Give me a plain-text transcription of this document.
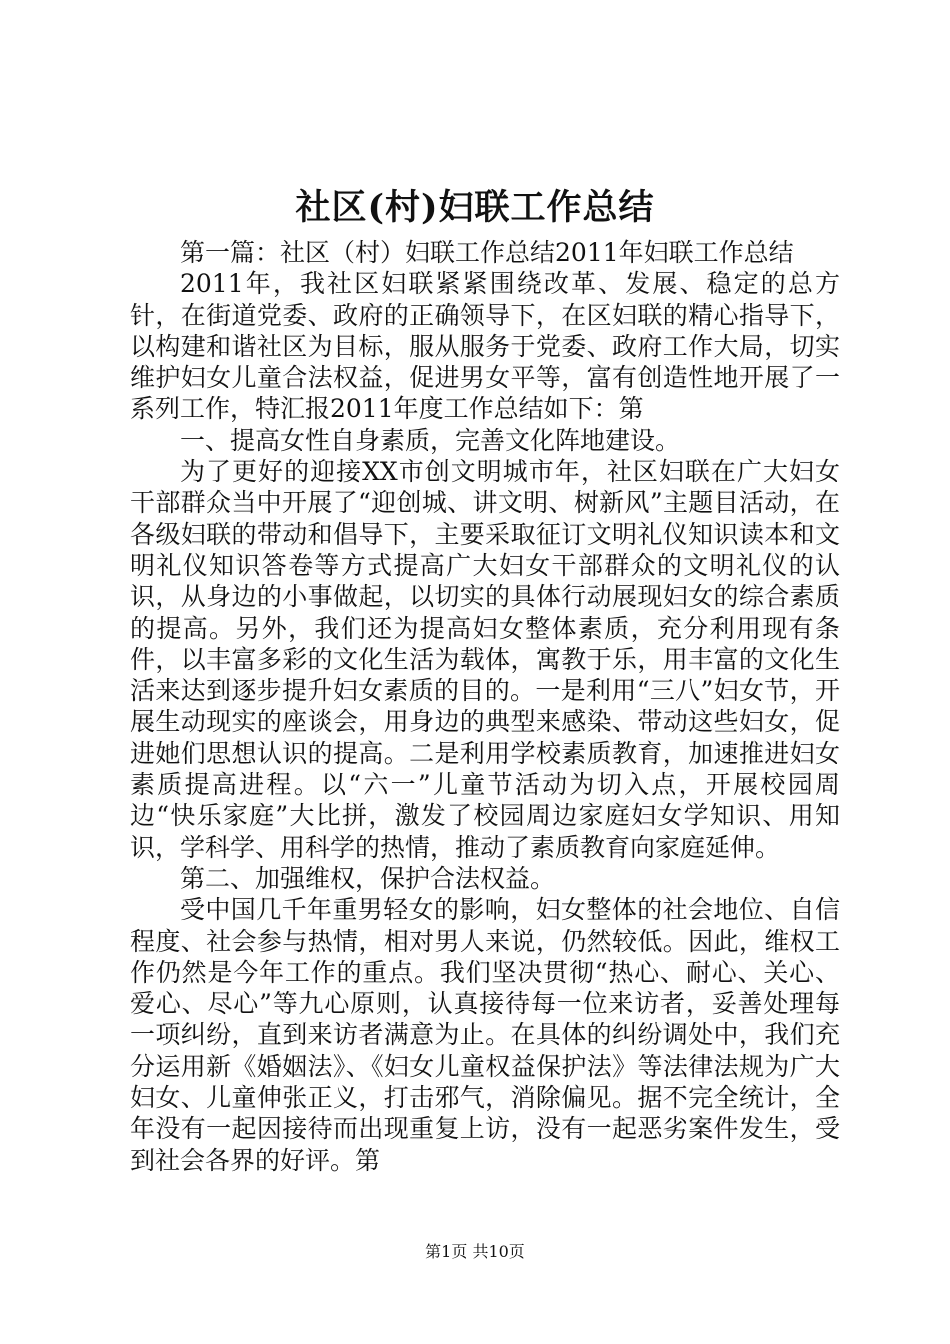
社区(村)妇联工作总结

第一篇：社区（村）妇联工作总结2011年妇联工作总结

2011年，我社区妇联紧紧围绕改革、发展、稳定的总方针，在街道党委、政府的正确领导下，在区妇联的精心指导下，以构建和谐社区为目标，服从服务于党委、政府工作大局，切实维护妇女儿童合法权益，促进男女平等，富有创造性地开展了一系列工作，特汇报2011年度工作总结如下：第

一、提高女性自身素质，完善文化阵地建设。

为了更好的迎接XX市创文明城市年，社区妇联在广大妇女干部群众当中开展了“迎创城、讲文明、树新风”主题目活动，在各级妇联的带动和倡导下，主要采取征订文明礼仪知识读本和文明礼仪知识答卷等方式提高广大妇女干部群众的文明礼仪的认识，从身边的小事做起，以切实的具体行动展现妇女的综合素质的提高。另外，我们还为提高妇女整体素质，充分利用现有条件，以丰富多彩的文化生活为载体，寓教于乐，用丰富的文化生活来达到逐步提升妇女素质的目的。一是利用“三八”妇女节，开展生动现实的座谈会，用身边的典型来感染、带动这些妇女，促进她们思想认识的提高。二是利用学校素质教育，加速推进妇女素质提高进程。以“六一”儿童节活动为切入点，开展校园周边“快乐家庭”大比拼，激发了校园周边家庭妇女学知识、用知识，学科学、用科学的热情，推动了素质教育向家庭延伸。

第二、加强维权，保护合法权益。

受中国几千年重男轻女的影响，妇女整体的社会地位、自信程度、社会参与热情，相对男人来说，仍然较低。因此，维权工作仍然是今年工作的重点。我们坚决贯彻“热心、耐心、关心、爱心、尽心”等九心原则，认真接待每一位来访者，妥善处理每一项纠纷，直到来访者满意为止。在具体的纠纷调处中，我们充分运用新《婚姻法》、《妇女儿童权益保护法》等法律法规为广大妇女、儿童伸张正义，打击邪气，消除偏见。据不完全统计，全年没有一起因接待而出现重复上访，没有一起恶劣案件发生，受到社会各界的好评。第

第1页 共10页
